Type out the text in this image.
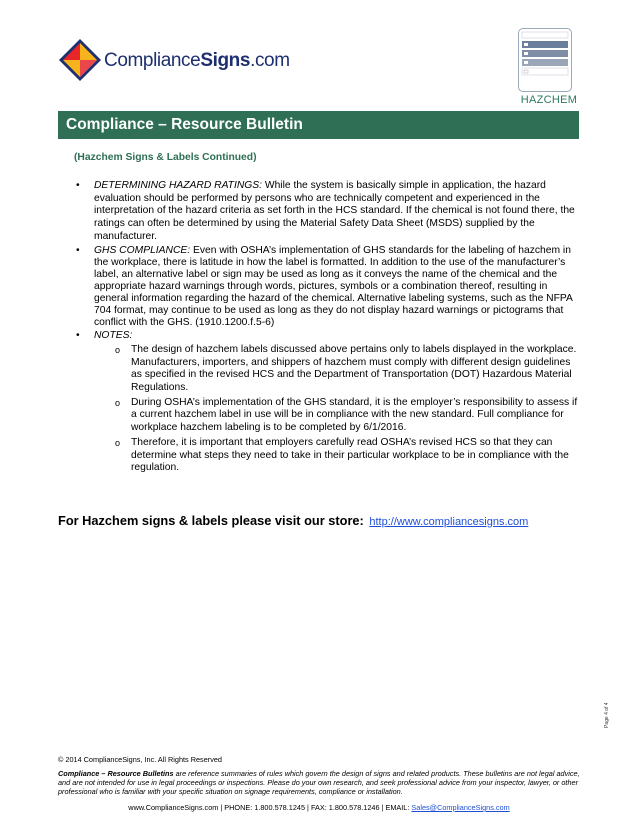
ComplianceSigns.com
HAZCHEM
Compliance – Resource Bulletin
(Hazchem Signs & Labels Continued)

• DETERMINING HAZARD RATINGS: While the system is basically simple in application, the hazard evaluation should be performed by persons who are technically competent and experienced in the interpretation of the hazard criteria as set forth in the HCS standard. If the chemical is not found there, the ratings can often be determined by using the Material Safety Data Sheet (MSDS) supplied by the manufacturer.

• GHS COMPLIANCE: Even with OSHA’s implementation of GHS standards for the labeling of hazchem in the workplace, there is latitude in how the label is formatted. In addition to the use of the manufacturer’s label, an alternative label or sign may be used as long as it conveys the name of the chemical and the appropriate hazard warnings through words, pictures, symbols or a combination thereof, resulting in general information regarding the hazard of the chemical. Alternative labeling systems, such as the NFPA 704 format, may continue to be used as long as they do not display hazard warnings or pictograms that conflict with the GHS. (1910.1200.f.5-6)

• NOTES:

o The design of hazchem labels discussed above pertains only to labels displayed in the workplace. Manufacturers, importers, and shippers of hazchem must comply with different design guidelines as specified in the revised HCS and the Department of Transportation (DOT) Hazardous Material Regulations.

o During OSHA’s implementation of the GHS standard, it is the employer’s responsibility to assess if a current hazchem label in use will be in compliance with the new standard. Full compliance for workplace hazchem labeling is to be completed by 6/1/2016.

o Therefore, it is important that employers carefully read OSHA’s revised HCS so that they can determine what steps they need to take in their particular workplace to be in compliance with the regulation.

For Hazchem signs & labels please visit our store: http://www.compliancesigns.com
Page 4 of 4
© 2014 ComplianceSigns, Inc. All Rights Reserved
Compliance – Resource Bulletins are reference summaries of rules which govern the design of signs and related products. These bulletins are not legal advice, and are not intended for use in legal proceedings or inspections. Please do your own research, and seek professional advice from your inspector, lawyer, or other professional who is familiar with your specific situation on signage requirements, compliance or installation.
www.ComplianceSigns.com | PHONE: 1.800.578.1245 | FAX: 1.800.578.1246 | EMAIL: Sales@ComplianceSigns.com
